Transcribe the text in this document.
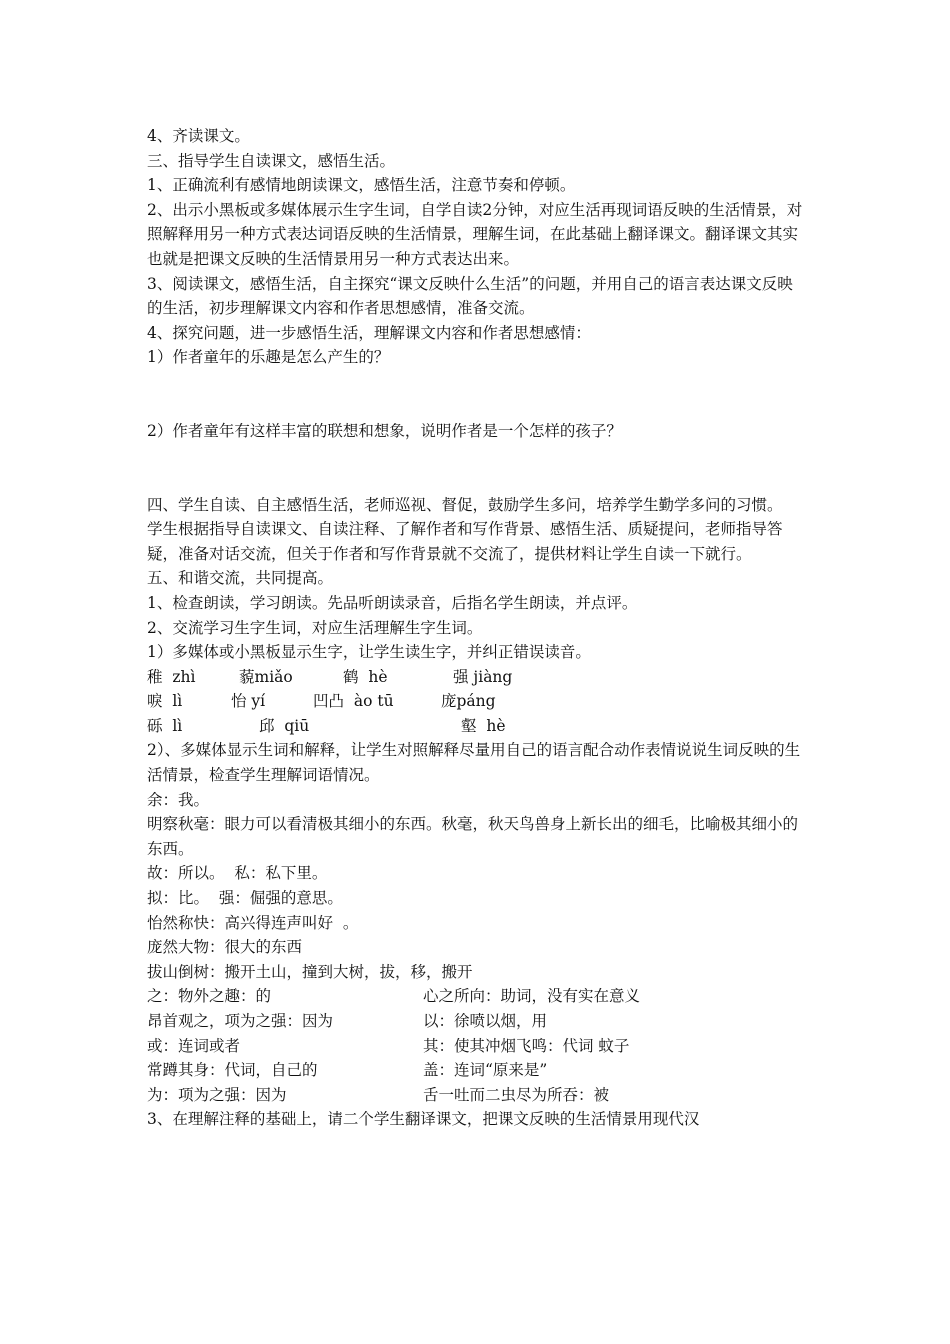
4、齐读课文。

三、指导学生自读课文，感悟生活。

1、正确流利有感情地朗读课文，感悟生活，注意节奏和停顿。

2、出示小黑板或多媒体展示生字生词，自学自读2分钟，对应生活再现词语反映的生活情景，对照解释用另一种方式表达词语反映的生活情景，理解生词，在此基础上翻译课文。翻译课文其实也就是把课文反映的生活情景用另一种方式表达出来。

3、阅读课文，感悟生活，自主探究“课文反映什么生活”的问题，并用自己的语言表达课文反映的生活，初步理解课文内容和作者思想感情，准备交流。

4、探究问题，进一步感悟生活，理解课文内容和作者思想感情：

1）作者童年的乐趣是怎么产生的？

2）作者童年有这样丰富的联想和想象，说明作者是一个怎样的孩子？

四、学生自读、自主感悟生活，老师巡视、督促，鼓励学生多问，培养学生勤学多问的习惯。

学生根据指导自读课文、自读注释、了解作者和写作背景、感悟生活、质疑提问，老师指导答疑，准备对话交流，但关于作者和写作背景就不交流了，提供材料让学生自读一下就行。

五、和谐交流，共同提高。

1、检查朗读，学习朗读。先品听朗读录音，后指名学生朗读，并点评。

2、交流学习生字生词，对应生活理解生字生词。

1）多媒体或小黑板显示生字，让学生读生字，并纠正错误读音。

稚  zhì	藐miǎo	鹤  hè	强 jiàng
唳  lì	怡 yí	凹凸  ào tū	庞páng
砾  lì	邱  qiū	壑  hè

2）、多媒体显示生词和解释，让学生对照解释尽量用自己的语言配合动作表情说说生词反映的生活情景，检查学生理解词语情况。

余：我。

明察秋毫：眼力可以看清极其细小的东西。秋毫，秋天鸟兽身上新长出的细毛，比喻极其细小的东西。

故：所以。  私：私下里。

拟：比。  强：倔强的意思。

怡然称快：高兴得连声叫好  。

庞然大物：很大的东西

拔山倒树：搬开土山，撞到大树，拔，移，搬开

之：物外之趣：的	心之所向：助词，没有实在意义
昂首观之，项为之强：因为	以：徐喷以烟，用
或：连词或者	其：使其冲烟飞鸣：代词 蚊子
常蹲其身：代词，自己的	盖：连词“原来是”
为：项为之强：因为	舌一吐而二虫尽为所吞：被

3、在理解注释的基础上，请二个学生翻译课文，把课文反映的生活情景用现代汉
